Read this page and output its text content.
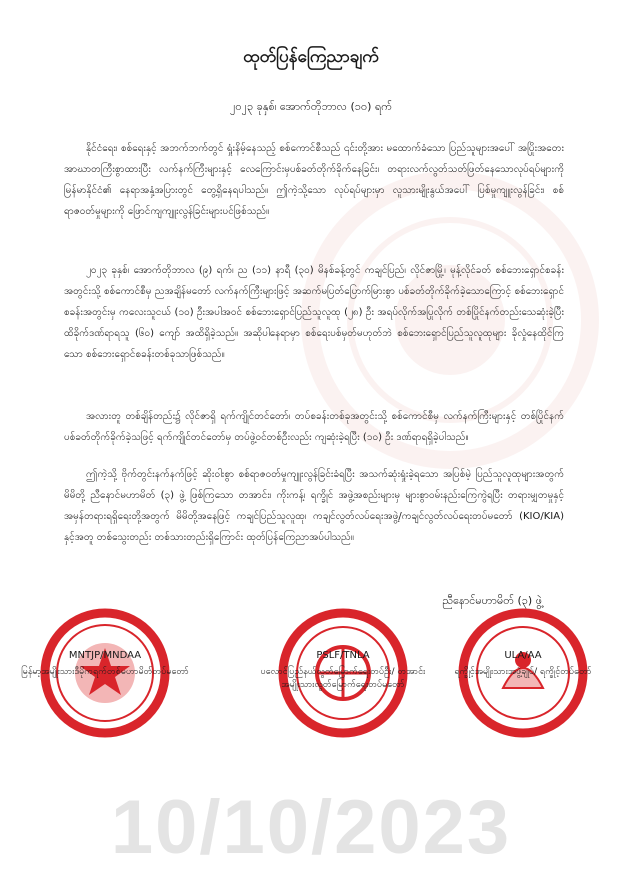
ထုတ်ပြန်ကြေညာချက်
၂၀၂၃ ခုနှစ်၊ အောက်တိုဘာလ (၁၀) ရက်
နိုင်ငံရေး၊ စစ်ရေးနှင့် အဘက်ဘက်တွင် ရှုံးနိမ့်နေသည့် စစ်ကောင်စီသည် ၎င်းတို့အား မထောက်ခံသော ပြည်သူများအပေါ် အပြိုးအတေး အာဃာတကြီးစွာထားပြီး လက်နက်ကြီးများနှင့် လေကြောင်းမှပစ်ခတ်တိုက်ခိုက်နေခြင်း၊ တရားလက်လွတ်သတ်ဖြတ်နေသောလုပ်ရပ်များကို မြန်မာနိုင်ငံ၏ နေရာအနှံ့အပြားတွင် တွေ့ရှိနေရပါသည်။ ဤကဲ့သို့သော လုပ်ရပ်များမှာ လူသားမျိုးနွယ်အပေါ် ပြစ်မှုကျူးလွန်ခြင်း၊ စစ်ရာဇဝတ်မှုများကို ဖြောင်ကျကျူးလွန်ခြင်းများပင်ဖြစ်သည်။
၂၀၂၃ ခုနှစ်၊ အောက်တိုဘာလ (၉) ရက်၊ ည (၁၁) နာရီ (၃၀) မိနစ်ခန့်တွင် ကချင်ပြည်၊ လိုင်ဇာမြို့၊ မုန့်လိုင်ခတ် စစ်ဘေးရှောင်စခန်းအတွင်းသို့ စစ်ကောင်စီမှ ညအချိန်မတော် လက်နက်ကြီးများဖြင့် အဆက်မပြတ်ပြောက်မြားစွာ ပစ်ခတ်တိုက်ခိုက်ခဲ့သောကြောင့် စစ်ဘေးရှောင်စခန်းအတွင်းမှ ကလေးသူငယ် (၁၀) ဦးအပါအဝင် စစ်ဘေးရှောင်ပြည်သူလူထု (၂၈) ဦး အရပ်လိုက်အပြုလိုက် တစ်ပြိုင်နက်တည်းသေဆုံးခဲ့ပြီး ထိခိုက်ဒဏ်ရာရသူ (၆၀) ကျော် အထိရှိခဲ့သည်။ အဆိုပါနေရာမှာ စစ်ရေးပစ်မှတ်မဟုတ်ဘဲ စစ်ဘေးရှောင်ပြည်သူလူထုများ ခိုလှုံနေထိုင်ကြသော စစ်ဘေးရှောင်စခန်းတစ်ခုသာဖြစ်သည်။
အလားတူ တစ်ချိန်တည်း၌ လိုင်ဇာရှိ ရက်ကျိုင်တင်တော်၊ တပ်စခန်းတစ်ခုအတွင်းသို့ စစ်ကောင်စီမှ လက်နက်ကြီးများနှင့် တစ်ပြိုင်နက်ပစ်ခတ်တိုက်ခိုက်ခဲ့သဖြင့် ရက်ကျိုင်တင်တော်မှ တပ်ဖွဲ့ဝင်တစ်ဦးလည်း ကျဆုံးခဲ့ရပြီး (၁၀) ဦး ဒဏ်ရာရရှိခဲ့ပါသည်။
ဤကဲ့သို့ ဗိုက်တွင်းနက်နက်ဖြင့် ဆိုးဝါးစွာ စစ်ရာဇဝတ်မှုကျူးလွန်ခြင်းခံရပြီး အသက်ဆုံးရှုံးခဲ့ရသော အပြစ်မဲ့ ပြည်သူလူထုများအတွက် မိမိတို့ ညီနောင်မဟာမိတ် (၃) ဖွဲ့ ဖြစ်ကြသော တအာင်း၊ ကိုးကန့်၊ ရက္ခိုင် အဖွဲ့အစည်းများမှ များစွာဝမ်းနည်းကြေကွဲရပြီး တရားမျှတမှုနှင့် အမှန်တရားရရှိရေးတို့အတွက် မိမိတို့အနေဖြင့် ကချင်ပြည်သူလူထု၊ ကချင်လွတ်လပ်ရေးအဖွဲ့/ကချင်လွတ်လပ်ရေးတပ်မတော် (KIO/KIA) နှင့်အတူ တစ်သွေးတည်း တစ်သားတည်းရှိကြောင်း ထုတ်ပြန်ကြေညာအပ်ပါသည်။
ညီနောင်မဟာမိတ် (၃) ဖွဲ့
MNTJP/MNDAA
မြန်မာ့အမျိုးသားဒီမိုကရက်တစ်မဟာမိတ်တပ်မတော်
PSLF/TNLA
ပလောင်ပြည်နယ်လွတ်မြောက်ရေးတပ်ဦး/ တအာင်းအမျိုးသားလွတ်မြောက်ရေးတပ်မတော်
ULA/AA
ရက္ခိုင့်အမျိုးသားအဖွဲ့ချုပ်/ ရက္ခိုင့်တပ်တော်
10/10/2023
